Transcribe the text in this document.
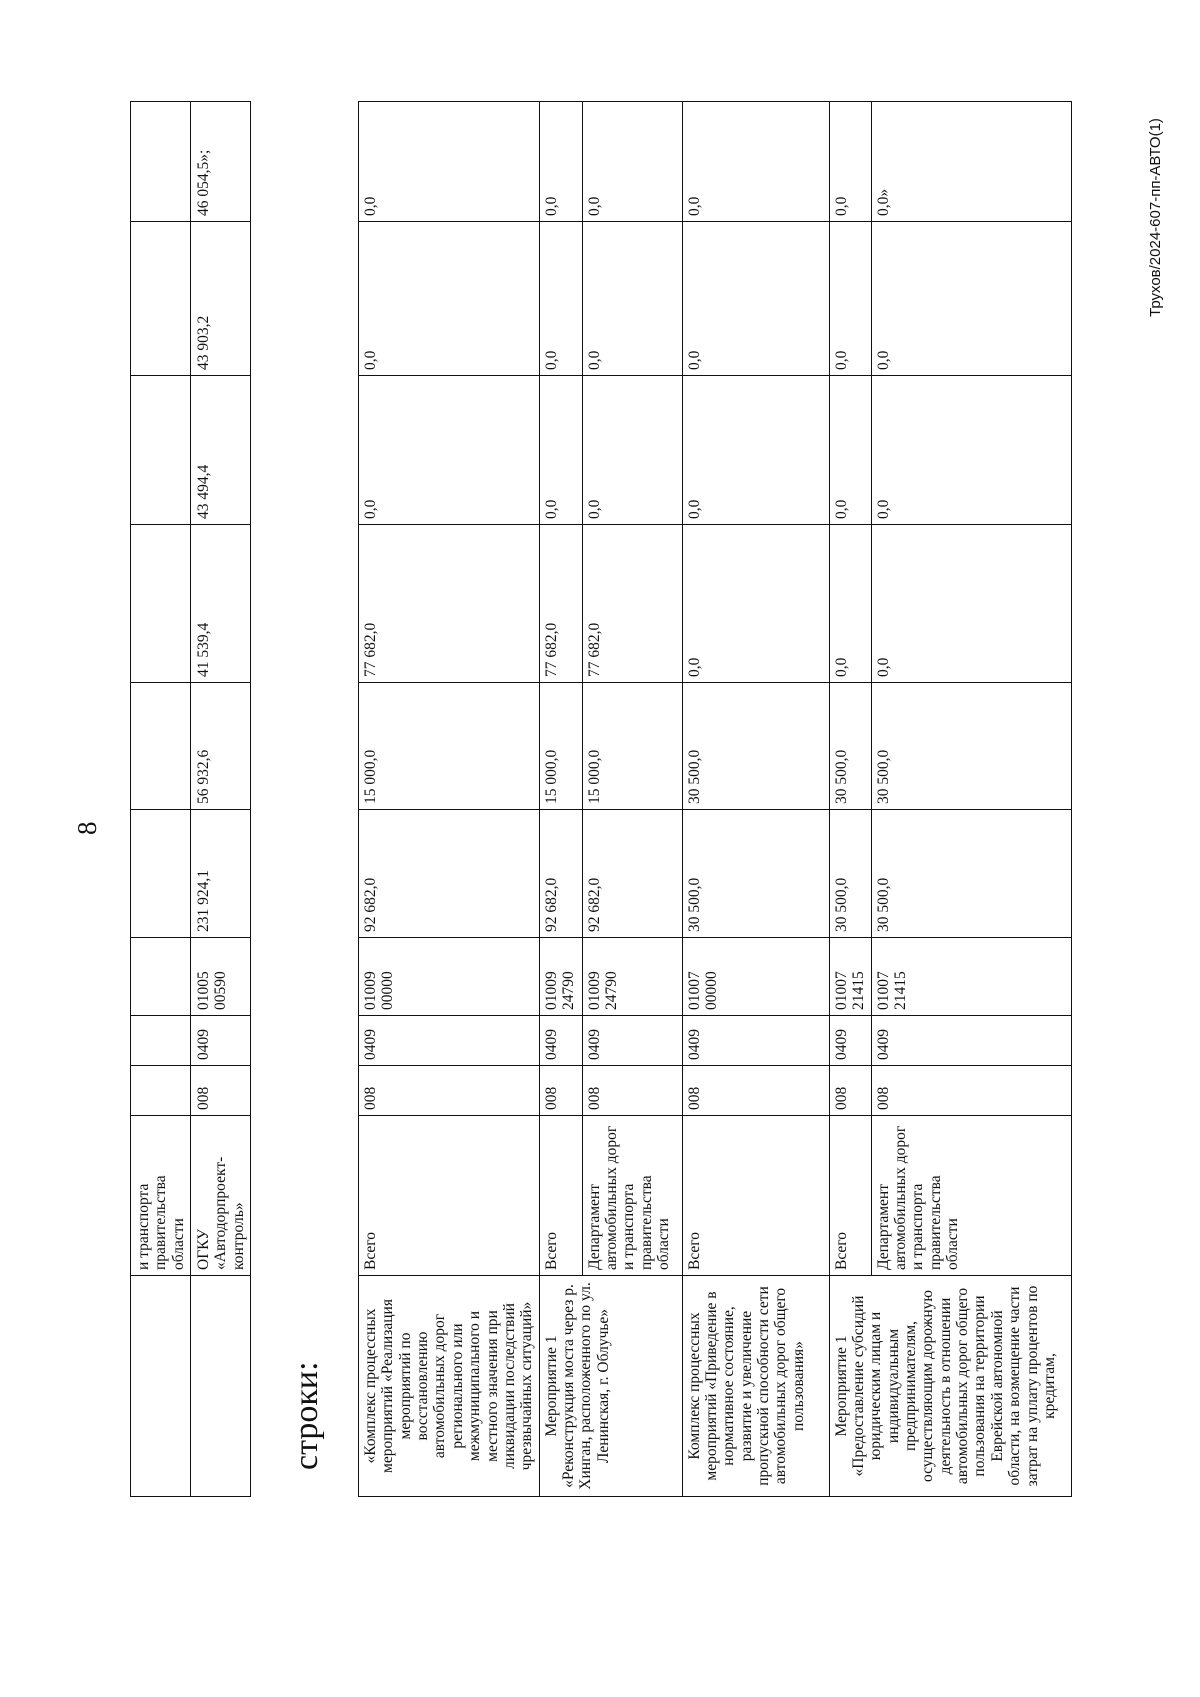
8
строки:
	и транспорта правительства области									
	ОГКУ «Автодорпроект-контроль»	008	0409	01005 00590	231 924,1	56 932,6	41 539,4	43 494,4	43 903,2	46 054,5»;
«Комплекс процессных мероприятий «Реализация мероприятий по восстановлению автомобильных дорог регионального или межмуниципального и местного значения при ликвидации последствий чрезвычайных ситуаций»	Всего	008	0409	01009 00000	92 682,0	15 000,0	77 682,0	0,0	0,0	0,0
Мероприятие 1 «Реконструкция моста через р. Хинган, расположенного по ул. Ленинская, г. Облучье»	Всего	008	0409	01009 24790	92 682,0	15 000,0	77 682,0	0,0	0,0	0,0
	Департамент автомобильных дорог и транспорта правительства области	008	0409	01009 24790	92 682,0	15 000,0	77 682,0	0,0	0,0	0,0
Комплекс процессных мероприятий «Приведение в нормативное состояние, развитие и увеличение пропускной способности сети автомобильных дорог общего пользования»	Всего	008	0409	01007 00000	30 500,0	30 500,0	0,0	0,0	0,0	0,0
Мероприятие 1 «Предоставление субсидий юридическим лицам и индивидуальным предпринимателям, осуществляющим дорожную деятельность в отношении автомобильных дорог общего пользования на территории Еврейской автономной области, на возмещение части затрат на уплату процентов по кредитам,	Всего	008	0409	01007 21415	30 500,0	30 500,0	0,0	0,0	0,0	0,0
	Департамент автомобильных дорог и транспорта правительства области	008	0409	01007 21415	30 500,0	30 500,0	0,0	0,0	0,0	0,0»	Трухов/2024-607-пп-АВТО(1)
